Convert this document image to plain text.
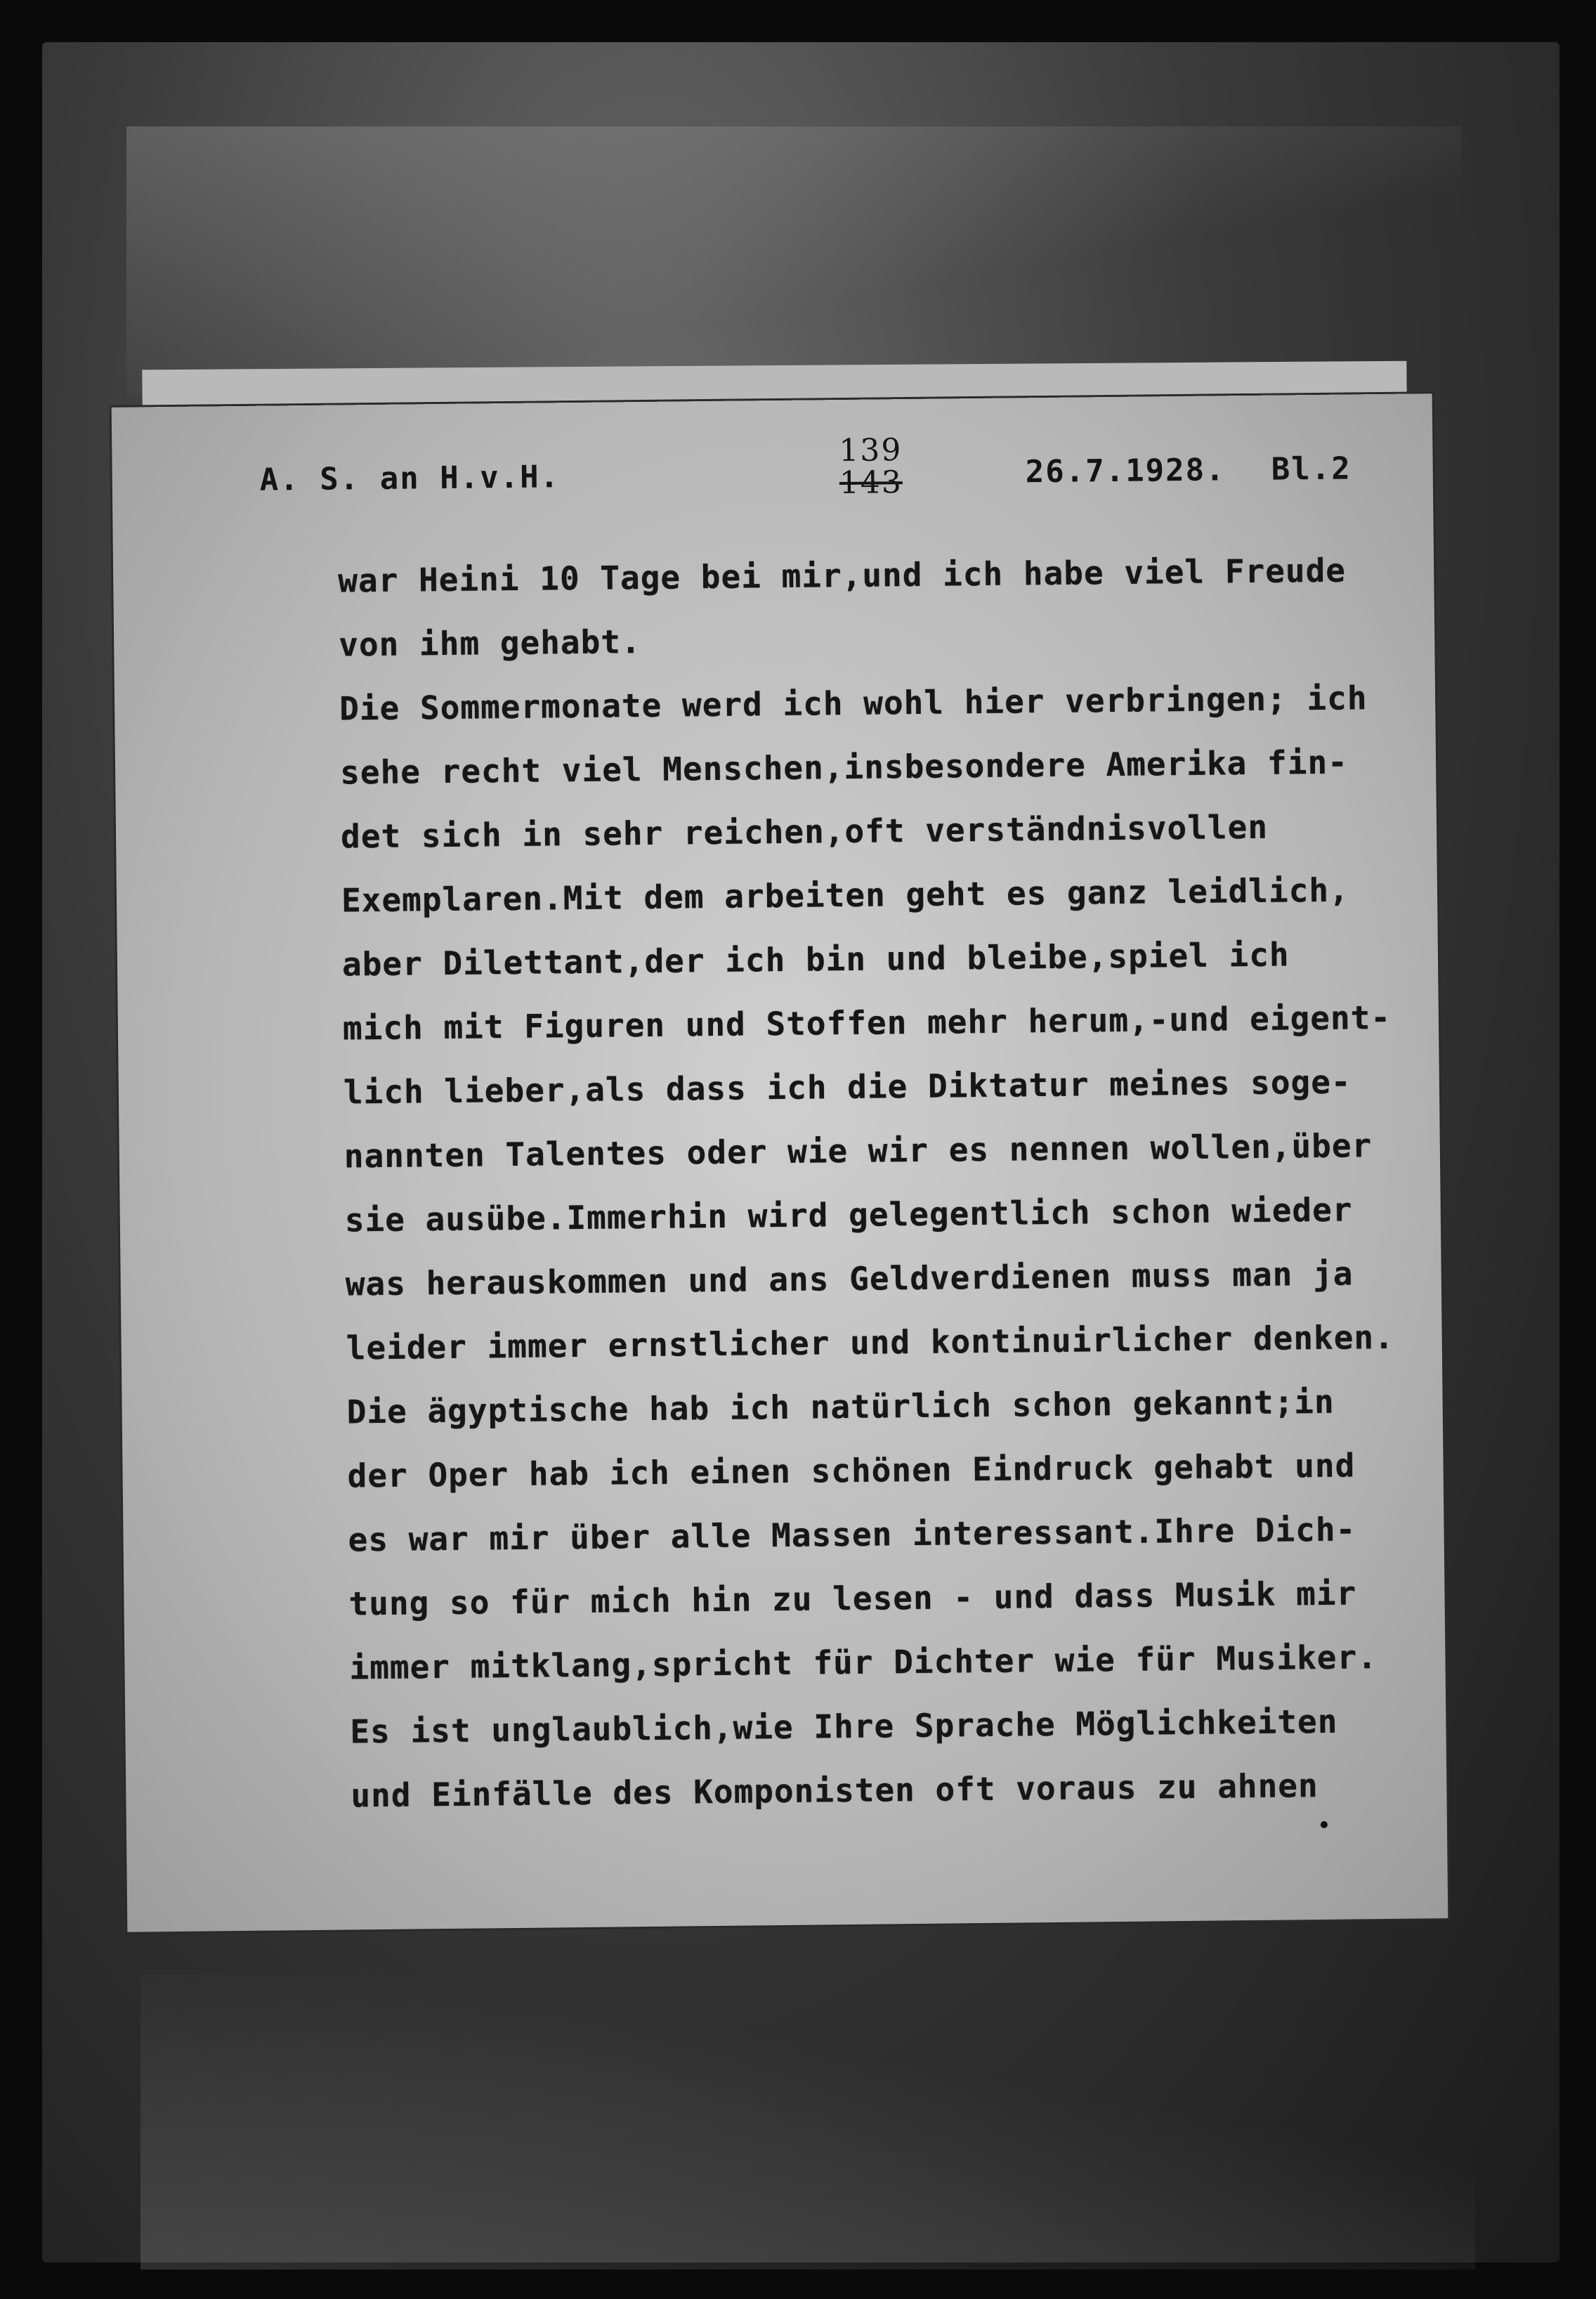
A. S. an H.v.H.
139
143	26.7.1928. Bl.2
war Heini 10 Tage bei mir,und ich habe viel Freude
von ihm gehabt.
Die Sommermonate werd ich wohl hier verbringen; ich
sehe recht viel Menschen,insbesondere Amerika fin-
det sich in sehr reichen,oft verständnisvollen
Exemplaren.Mit dem arbeiten geht es ganz leidlich,
aber Dilettant,der ich bin und bleibe,spiel ich
mich mit Figuren und Stoffen mehr herum,-und eigent-
lich lieber,als dass ich die Diktatur meines soge-
nannten Talentes oder wie wir es nennen wollen,über
sie ausübe.Immerhin wird gelegentlich schon wieder
was herauskommen und ans Geldverdienen muss man ja
leider immer ernstlicher und kontinuirlicher denken.
Die ägyptische hab ich natürlich schon gekannt;in
der Oper hab ich einen schönen Eindruck gehabt und
es war mir über alle Massen interessant.Ihre Dich-
tung so für mich hin zu lesen - und dass Musik mir
immer mitklang,spricht für Dichter wie für Musiker.
Es ist unglaublich,wie Ihre Sprache Möglichkeiten
und Einfälle des Komponisten oft voraus zu ahnen
